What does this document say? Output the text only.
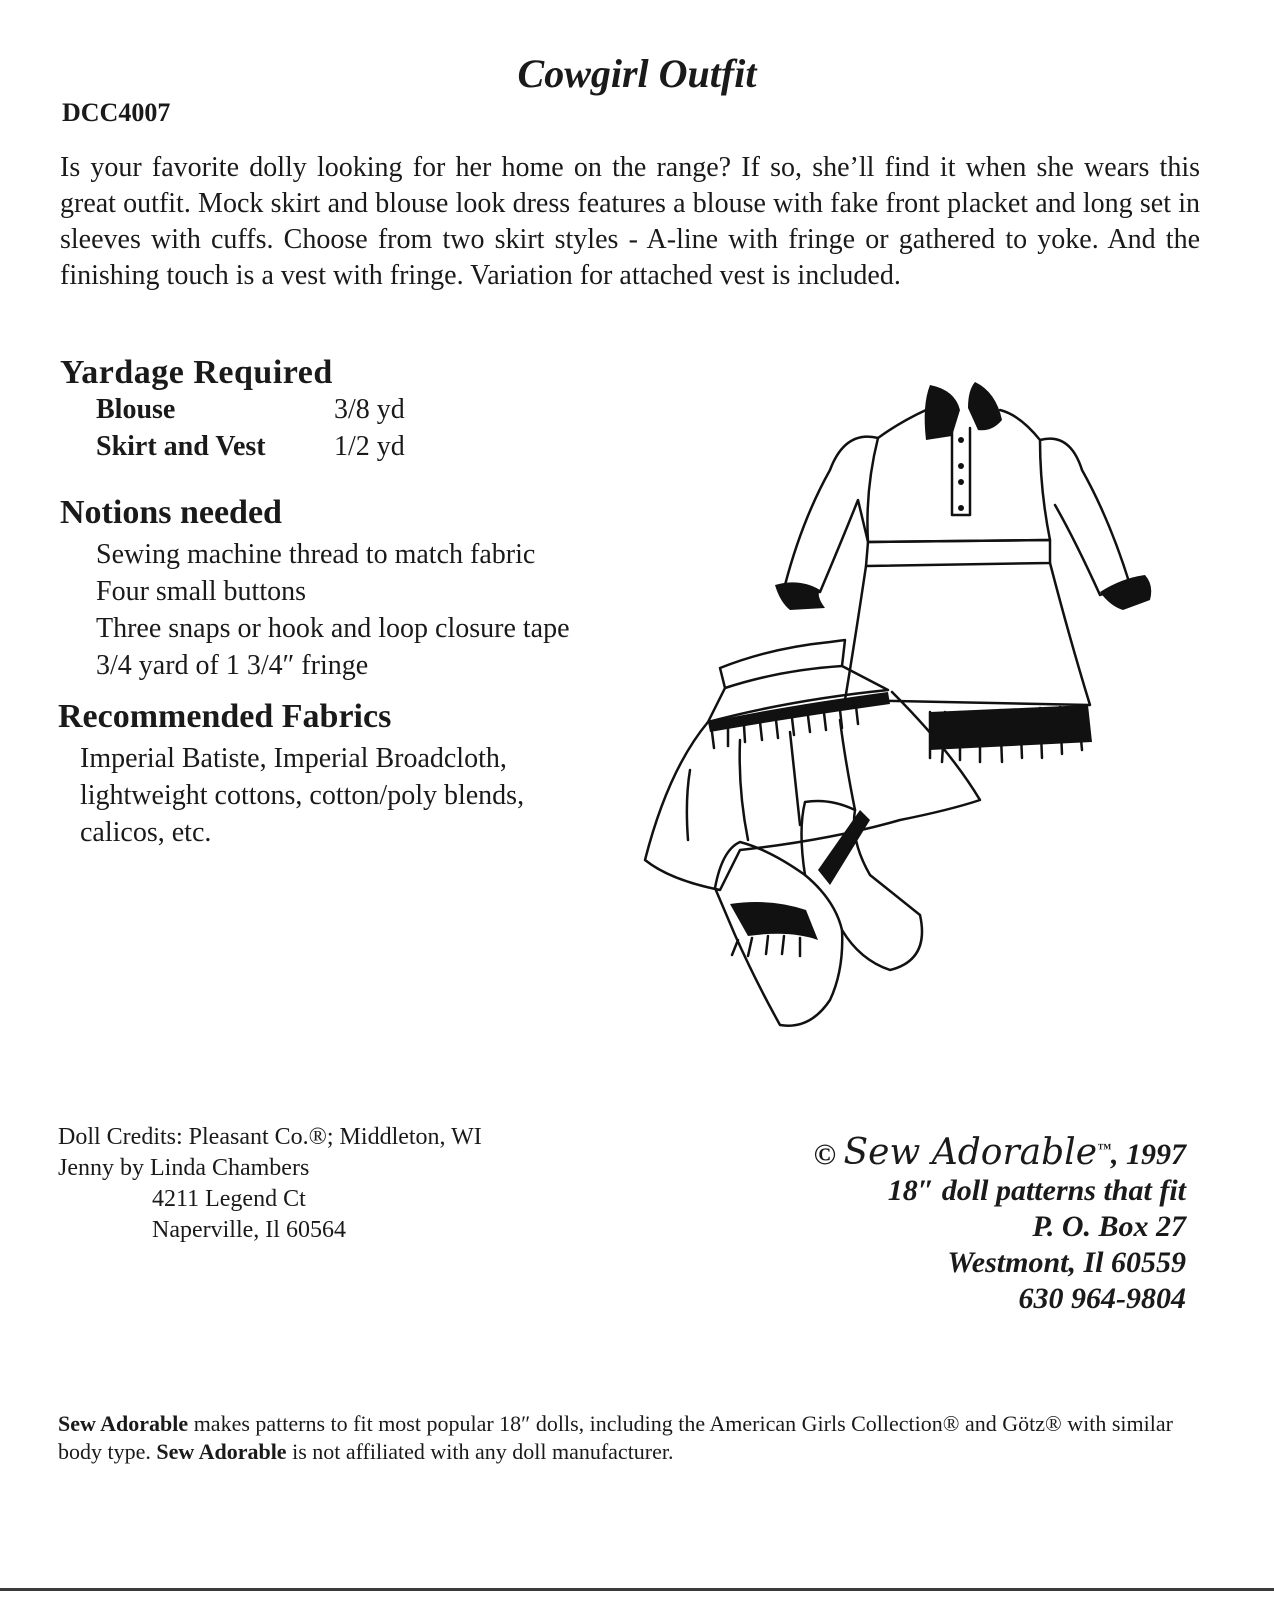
Cowgirl Outfit
DCC4007
Is your favorite dolly looking for her home on the range? If so, she’ll find it when she wears this great outfit. Mock skirt and blouse look dress features a blouse with fake front placket and long set in sleeves with cuffs. Choose from two skirt styles - A-line with fringe or gathered to yoke. And the finishing touch is a vest with fringe. Variation for attached vest is included.
Yardage Required
Blouse	3/8 yd
Skirt and Vest 1/2 yd
Notions needed
Sewing machine thread to match fabric
Four small buttons
Three snaps or hook and loop closure tape
3/4 yard of 1 3/4″ fringe
Recommended Fabrics
Imperial Batiste, Imperial Broadcloth,
lightweight cottons, cotton/poly blends,
calicos, etc.
Doll Credits: Pleasant Co.®; Middleton, WI
Jenny by Linda Chambers
4211 Legend Ct
Naperville, Il 60564
© Sew Adorable™, 1997
18″ doll patterns that fit
P. O. Box 27
Westmont, Il 60559
630 964-9804
Sew Adorable makes patterns to fit most popular 18″ dolls, including the American Girls Collection® and Götz® with similar body type. Sew Adorable is not affiliated with any doll manufacturer.
